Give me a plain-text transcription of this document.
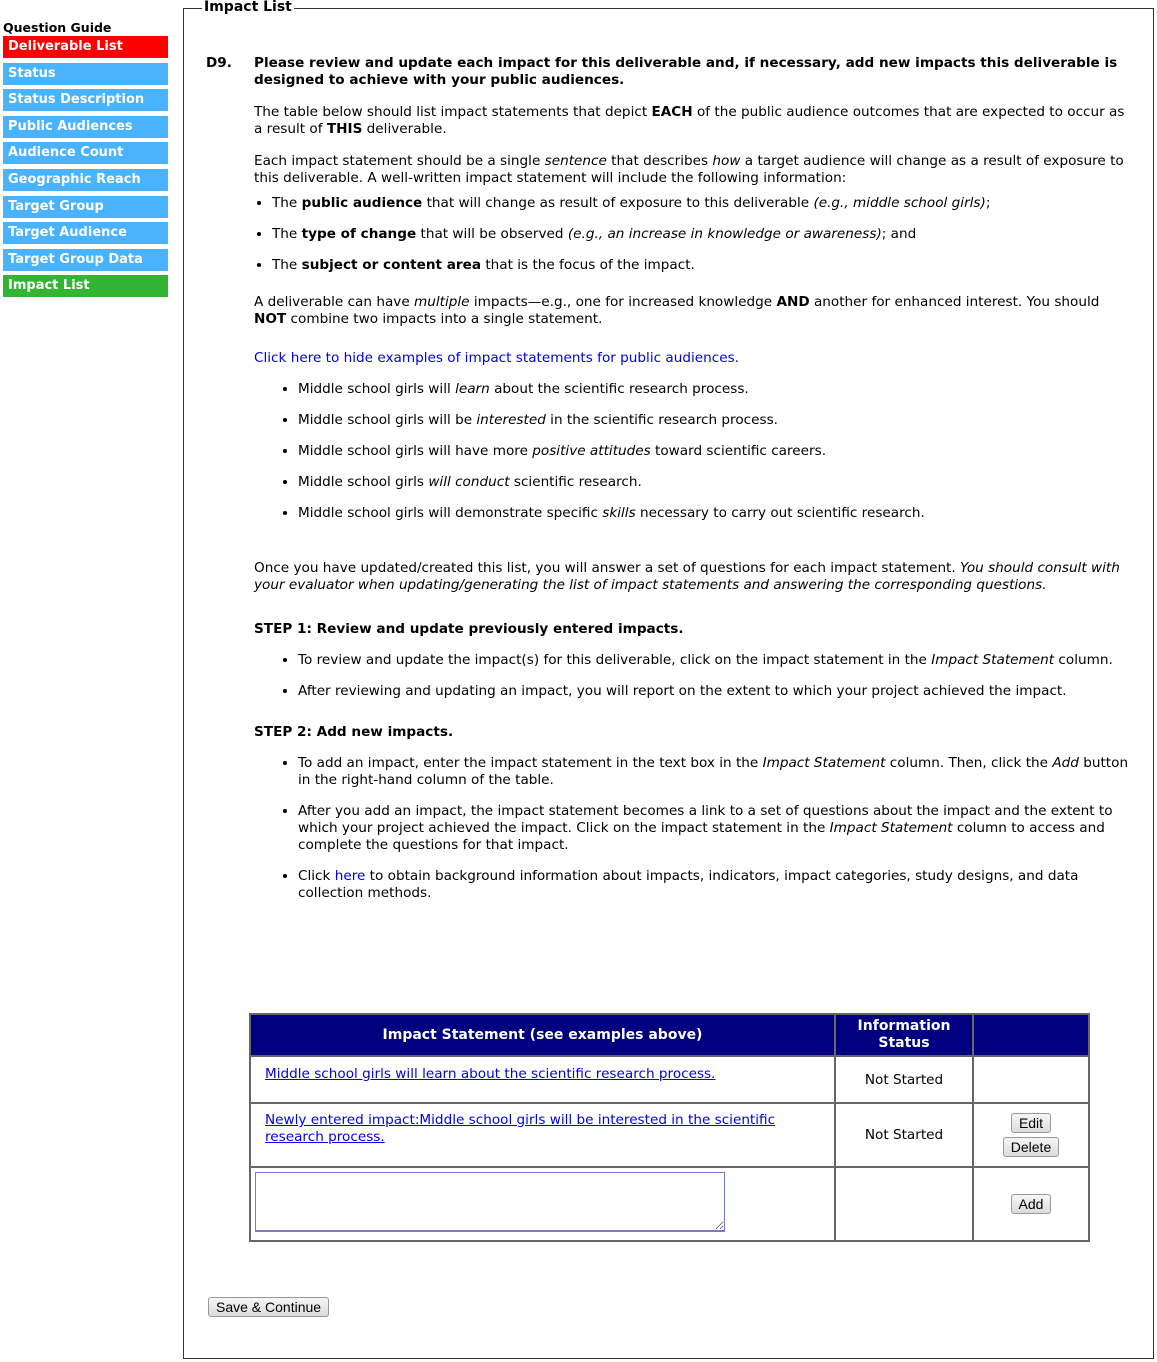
Question Guide
Deliverable List
Status
Status Description
Public Audiences
Audience Count
Geographic Reach
Target Group
Target Audience
Target Group Data
Impact List
Impact List
D9. Please review and update each impact for this deliverable and, if necessary, add new impacts this deliverable is designed to achieve with your public audiences.

The table below should list impact statements that depict EACH of the public audience outcomes that are expected to occur as a result of THIS deliverable.

Each impact statement should be a single sentence that describes how a target audience will change as a result of exposure to this deliverable. A well-written impact statement will include the following information:

• The public audience that will change as result of exposure to this deliverable (e.g., middle school girls);
• The type of change that will be observed (e.g., an increase in knowledge or awareness); and
• The subject or content area that is the focus of the impact.

A deliverable can have multiple impacts—e.g., one for increased knowledge AND another for enhanced interest. You should NOT combine two impacts into a single statement.

Click here to hide examples of impact statements for public audiences.

• Middle school girls will learn about the scientific research process.
• Middle school girls will be interested in the scientific research process.
• Middle school girls will have more positive attitudes toward scientific careers.
• Middle school girls will conduct scientific research.
• Middle school girls will demonstrate specific skills necessary to carry out scientific research.

Once you have updated/created this list, you will answer a set of questions for each impact statement. You should consult with your evaluator when updating/generating the list of impact statements and answering the corresponding questions.

STEP 1: Review and update previously entered impacts.

• To review and update the impact(s) for this deliverable, click on the impact statement in the Impact Statement column.
• After reviewing and updating an impact, you will report on the extent to which your project achieved the impact.

STEP 2: Add new impacts.

• To add an impact, enter the impact statement in the text box in the Impact Statement column. Then, click the Add button in the right-hand column of the table.
• After you add an impact, the impact statement becomes a link to a set of questions about the impact and the extent to which your project achieved the impact. Click on the impact statement in the Impact Statement column to access and complete the questions for that impact.
• Click here to obtain background information about impacts, indicators, impact categories, study designs, and data collection methods.
Impact Statement (see examples above)	Information Status	
Middle school girls will learn about the scientific research process.	Not Started	
Newly entered impact:Middle school girls will be interested in the scientific research process.	Not Started	Edit
Delete
		Add
Save & Continue
